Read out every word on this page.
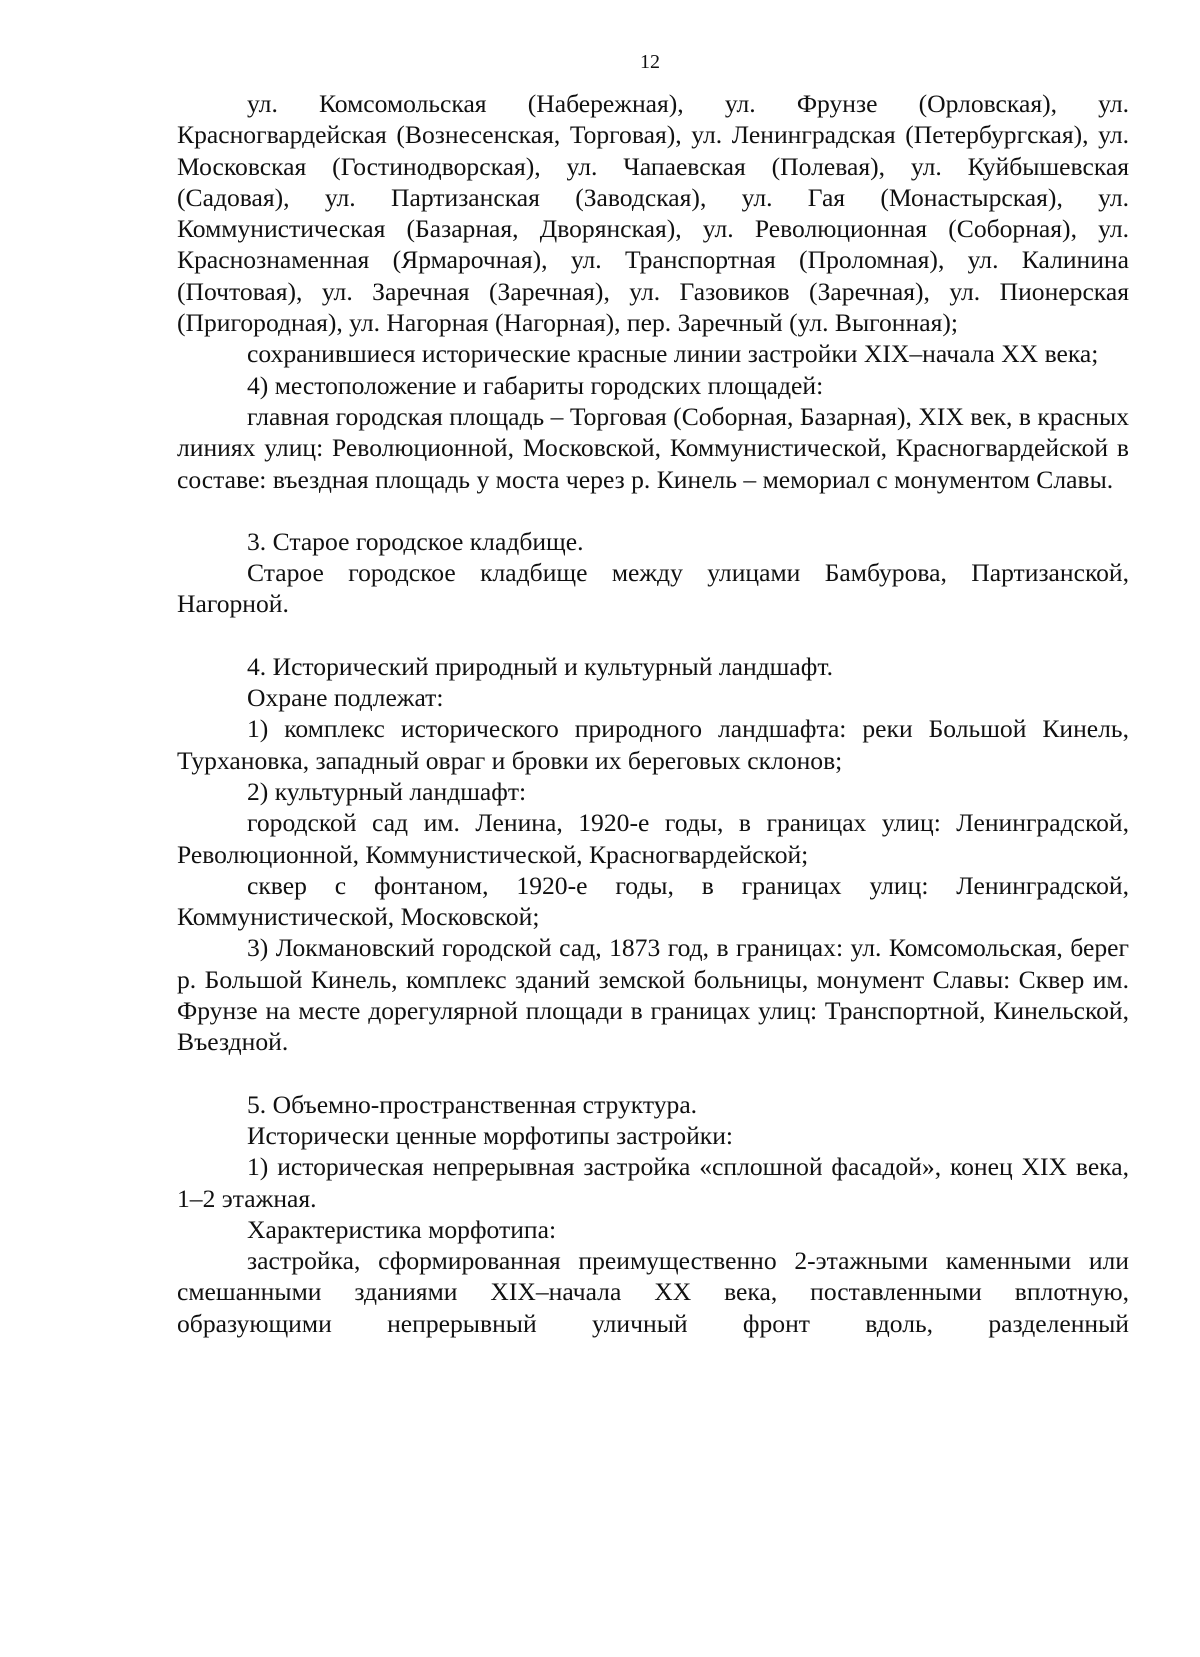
12

ул. Комсомольская (Набережная), ул. Фрунзе (Орловская), ул. Красногвардейская (Вознесенская, Торговая), ул. Ленинградская (Петербургская), ул. Московская (Гостинодворская), ул. Чапаевская (Полевая), ул. Куйбышевская (Садовая), ул. Партизанская (Заводская), ул. Гая (Монастырская), ул. Коммунистическая (Базарная, Дворянская), ул. Революционная (Соборная), ул. Краснознаменная (Ярмарочная), ул. Транспортная (Проломная), ул. Калинина (Почтовая), ул. Заречная (Заречная), ул. Газовиков (Заречная), ул. Пионерская (Пригородная), ул. Нагорная (Нагорная), пер. Заречный (ул. Выгонная);

сохранившиеся исторические красные линии застройки XIX–начала XX века;

4) местоположение и габариты городских площадей:

главная городская площадь – Торговая (Соборная, Базарная), XIX век, в красных линиях улиц: Революционной, Московской, Коммунистической, Красногвардейской в составе: въездная площадь у моста через р. Кинель – мемориал с монументом Славы.

3. Старое городское кладбище.

Старое городское кладбище между улицами Бамбурова, Партизанской, Нагорной.

4. Исторический природный и культурный ландшафт.

Охране подлежат:

1) комплекс исторического природного ландшафта: реки Большой Кинель, Турхановка, западный овраг и бровки их береговых склонов;

2) культурный ландшафт:

городской сад им. Ленина, 1920-е годы, в границах улиц: Ленинградской, Революционной, Коммунистической, Красногвардейской;

сквер с фонтаном, 1920-е годы, в границах улиц: Ленинградской, Коммунистической, Московской;

3) Локмановский городской сад, 1873 год, в границах: ул. Комсомольская, берег р. Большой Кинель, комплекс зданий земской больницы, монумент Славы: Сквер им. Фрунзе на месте дорегулярной площади в границах улиц: Транспортной, Кинельской, Въездной.

5. Объемно-пространственная структура.

Исторически ценные морфотипы застройки:

1) историческая непрерывная застройка «сплошной фасадой», конец XIX века, 1–2 этажная.

Характеристика морфотипа:

застройка, сформированная преимущественно 2-этажными каменными или смешанными зданиями XIX–начала XX века, поставленными вплотную, образующими непрерывный уличный фронт вдоль, разделенный
